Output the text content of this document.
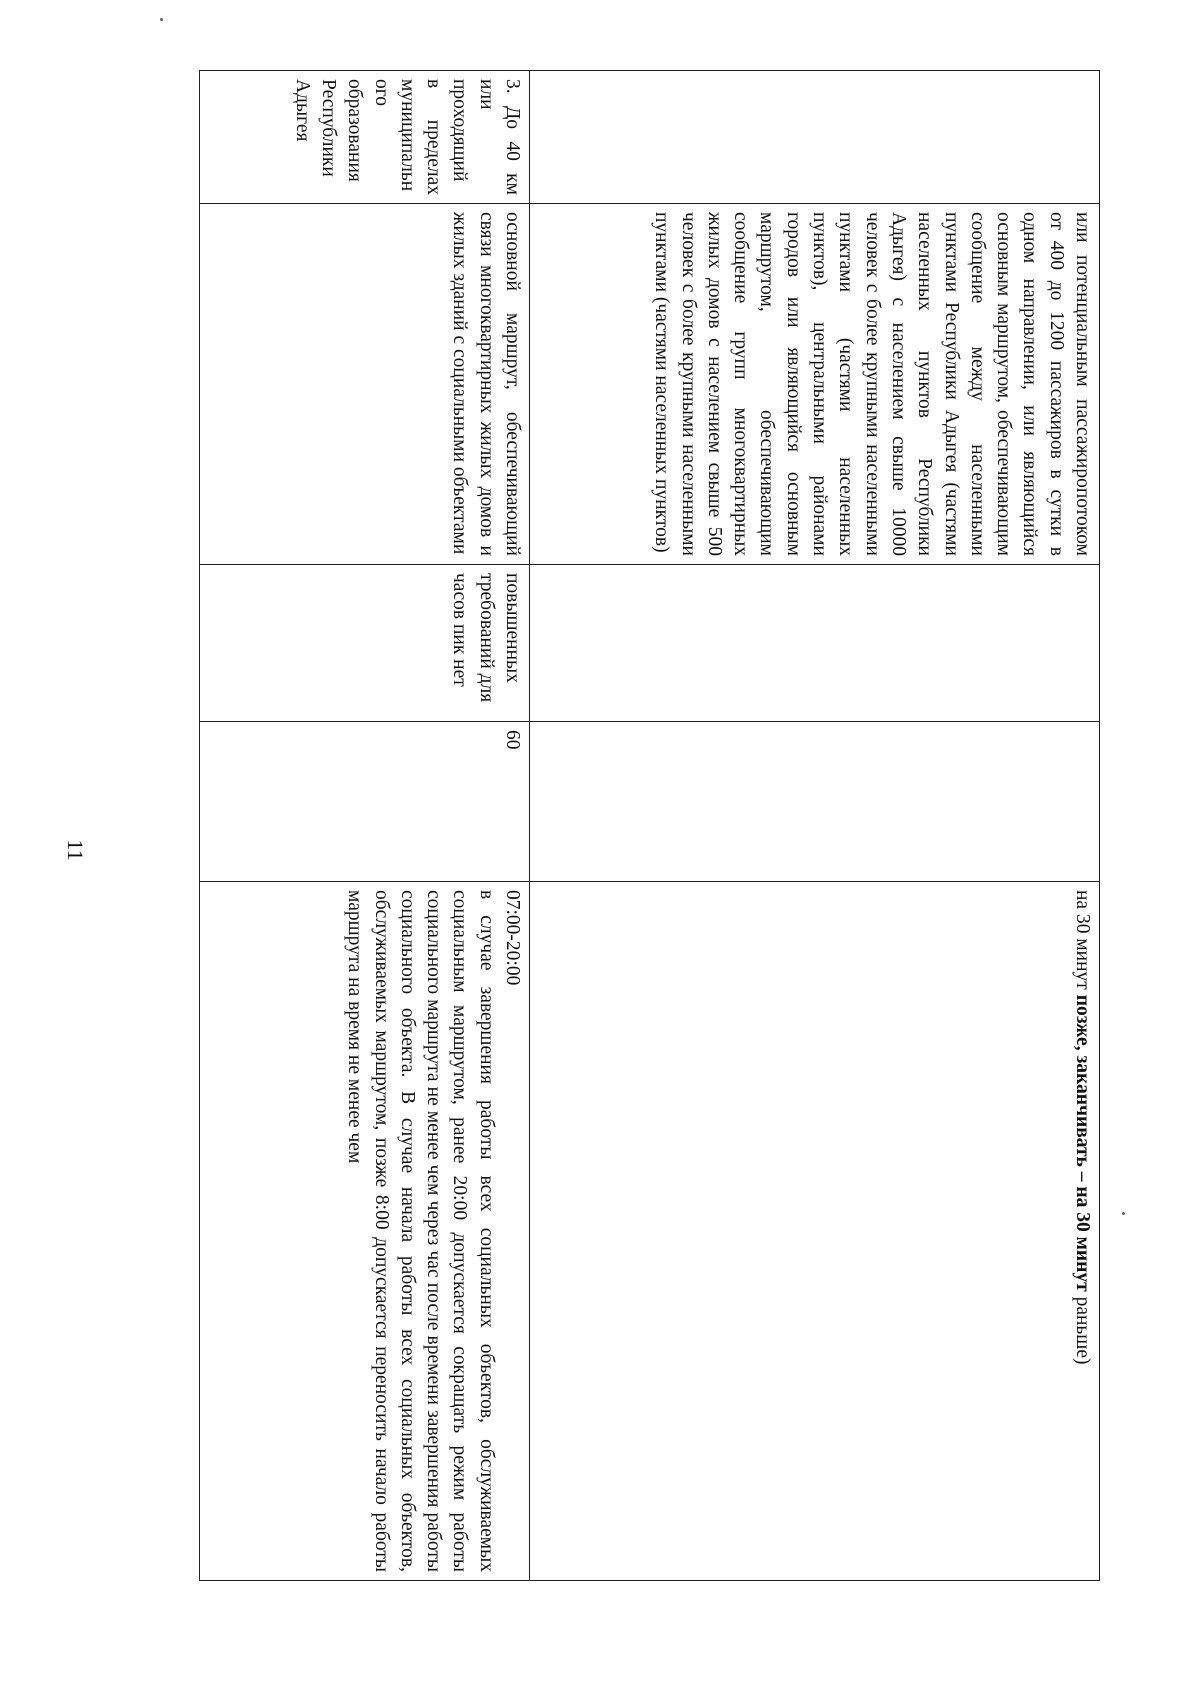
11
	или потенциальным пассажиропотоком от 400 до 1200 пассажиров в сутки в одном направлении, или являющийся основным маршрутом, обеспечивающим сообщение между населенными пунктами Республики Адыгея (частями населенных пунктов Республики Адыгея) с населением свыше 10000 человек с более крупными населенными пунктами (частями населенных пунктов), центральными районами городов или являющийся основным маршрутом, обеспечивающим сообщение групп многоквартирных жилых домов с населением свыше 500 человек с более крупными населенными пунктами (частями населенных пунктов)			на 30 минут позже, заканчивать – на 30 минут раньше)
3. До 40 км или проходящий в пределах муниципального образования Республики Адыгея	основной маршрут, обеспечивающий связи многоквартирных жилых домов и жилых зданий с социальными объектами	повышенных требований для часов пик нет	60	07:00-20:00
в случае завершения работы всех социальных объектов, обслуживаемых социальным маршрутом, ранее 20:00 допускается сокращать режим работы социального маршрута не менее чем через час после времени завершения работы социального объекта. В случае начала работы всех социальных объектов, обслуживаемых маршрутом, позже 8:00 допускается переносить начало работы маршрута на время не менее чем
